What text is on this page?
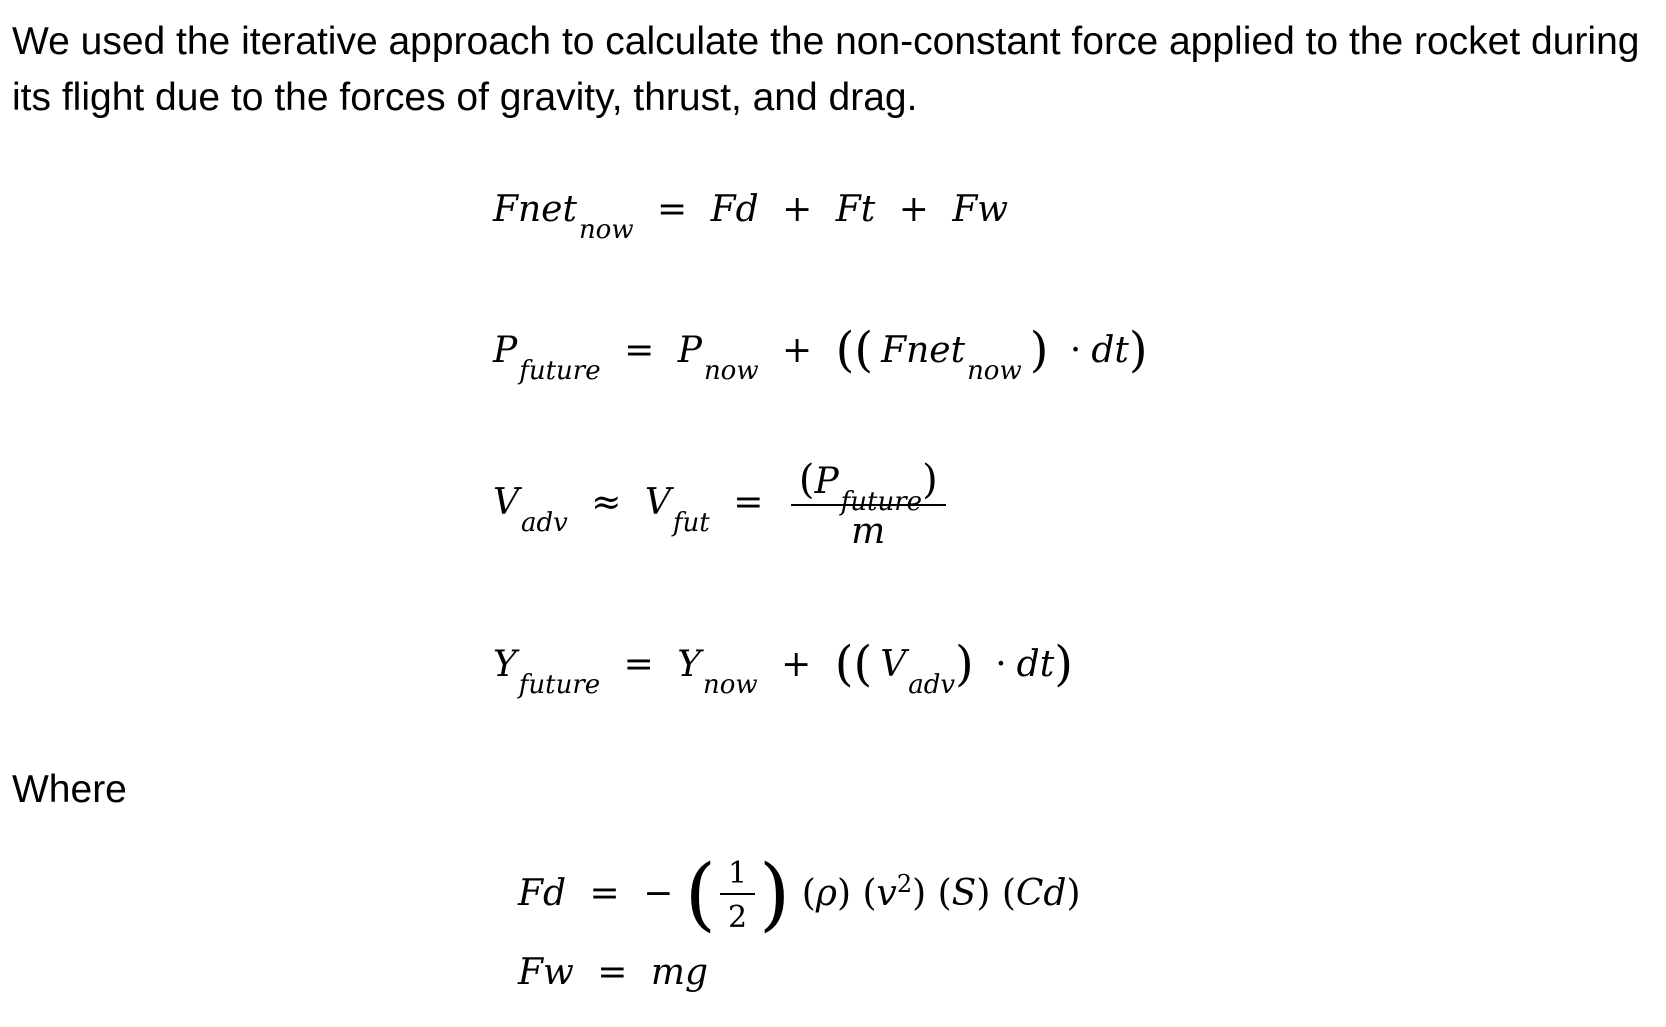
We used the iterative approach to calculate the non-constant force applied to the rocket during its flight due to the forces of gravity, thrust, and drag.

Fnet$_{now}$ = Fd + Ft + Fw
$P_{future} = P_{now}$ + (( Fnet$_{now}$ ) · dt)
$V_{adv} \approx V_{fut} = \frac{(P_{future})}{m}$
$Y_{future} = Y_{now}$ + (( $V_{adv}) \cdot dt$)

Where

Fd = − ( $\frac{1}{2}$ ) (ρ) $(v^2)$ (S) (Cd)
Fw = mg
